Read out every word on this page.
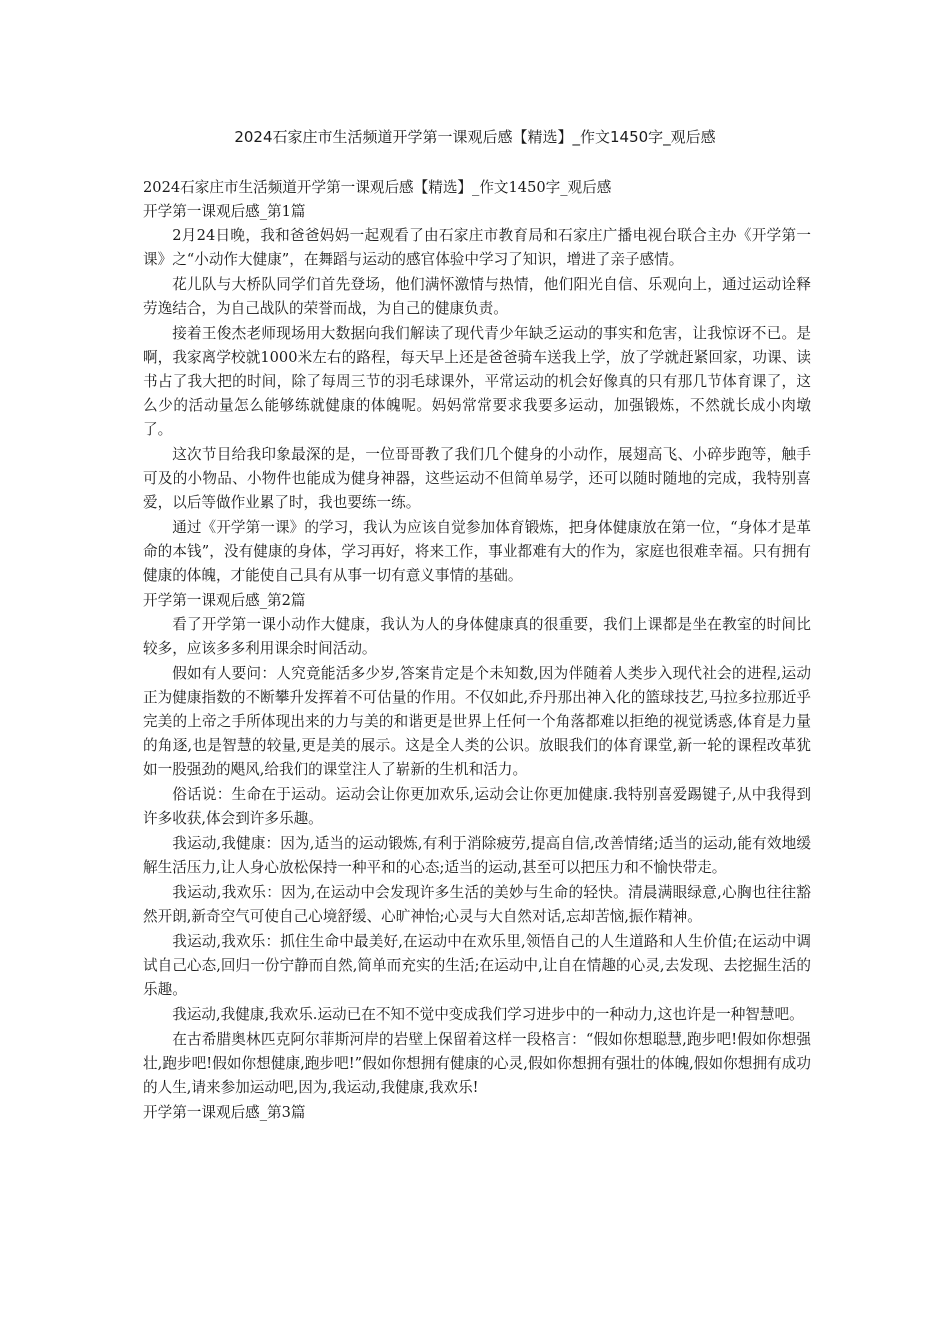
2024石家庄市生活频道开学第一课观后感【精选】_作文1450字_观后感
2024石家庄市生活频道开学第一课观后感【精选】_作文1450字_观后感
开学第一课观后感_第1篇

2月24日晚，我和爸爸妈妈一起观看了由石家庄市教育局和石家庄广播电视台联合主办《开学第一课》之“小动作大健康”，在舞蹈与运动的感官体验中学习了知识，增进了亲子感情。

花儿队与大桥队同学们首先登场，他们满怀激情与热情，他们阳光自信、乐观向上，通过运动诠释劳逸结合，为自己战队的荣誉而战，为自己的健康负责。

接着王俊杰老师现场用大数据向我们解读了现代青少年缺乏运动的事实和危害，让我惊讶不已。是啊，我家离学校就1000米左右的路程，每天早上还是爸爸骑车送我上学，放了学就赶紧回家，功课、读书占了我大把的时间，除了每周三节的羽毛球课外，平常运动的机会好像真的只有那几节体育课了，这么少的活动量怎么能够练就健康的体魄呢。妈妈常常要求我要多运动，加强锻炼，不然就长成小肉墩了。

这次节目给我印象最深的是，一位哥哥教了我们几个健身的小动作，展翅高飞、小碎步跑等，触手可及的小物品、小物件也能成为健身神器，这些运动不但简单易学，还可以随时随地的完成，我特别喜爱，以后等做作业累了时，我也要练一练。

通过《开学第一课》的学习，我认为应该自觉参加体育锻炼，把身体健康放在第一位，“身体才是革命的本钱”，没有健康的身体，学习再好，将来工作，事业都难有大的作为，家庭也很难幸福。只有拥有健康的体魄，才能使自己具有从事一切有意义事情的基础。

开学第一课观后感_第2篇

看了开学第一课小动作大健康，我认为人的身体健康真的很重要，我们上课都是坐在教室的时间比较多，应该多多利用课余时间活动。

假如有人要问：人究竟能活多少岁,答案肯定是个未知数,因为伴随着人类步入现代社会的进程,运动正为健康指数的不断攀升发挥着不可估量的作用。不仅如此,乔丹那出神入化的篮球技艺,马拉多拉那近乎完美的上帝之手所体现出来的力与美的和谐更是世界上任何一个角落都难以拒绝的视觉诱惑,体育是力量的角逐,也是智慧的较量,更是美的展示。这是全人类的公识。放眼我们的体育课堂,新一轮的课程改革犹如一股强劲的飓风,给我们的课堂注人了崭新的生机和活力。

俗话说：生命在于运动。运动会让你更加欢乐,运动会让你更加健康.我特别喜爱踢键子,从中我得到许多收获,体会到许多乐趣。

我运动,我健康：因为,适当的运动锻炼,有利于消除疲劳,提高自信,改善情绪;适当的运动,能有效地缓解生活压力,让人身心放松保持一种平和的心态;适当的运动,甚至可以把压力和不愉快带走。

我运动,我欢乐：因为,在运动中会发现许多生活的美妙与生命的轻快。清晨满眼绿意,心胸也往往豁然开朗,新奇空气可使自己心境舒缓、心旷神怡;心灵与大自然对话,忘却苦恼,振作精神。

我运动,我欢乐：抓住生命中最美好,在运动中在欢乐里,领悟自己的人生道路和人生价值;在运动中调试自己心态,回归一份宁静而自然,简单而充实的生活;在运动中,让自在情趣的心灵,去发现、去挖掘生活的乐趣。

我运动,我健康,我欢乐.运动已在不知不觉中变成我们学习进步中的一种动力,这也许是一种智慧吧。

在古希腊奥林匹克阿尔菲斯河岸的岩壁上保留着这样一段格言：“假如你想聪慧,跑步吧!假如你想强壮,跑步吧!假如你想健康,跑步吧!”假如你想拥有健康的心灵,假如你想拥有强壮的体魄,假如你想拥有成功的人生,请来参加运动吧,因为,我运动,我健康,我欢乐!

开学第一课观后感_第3篇
